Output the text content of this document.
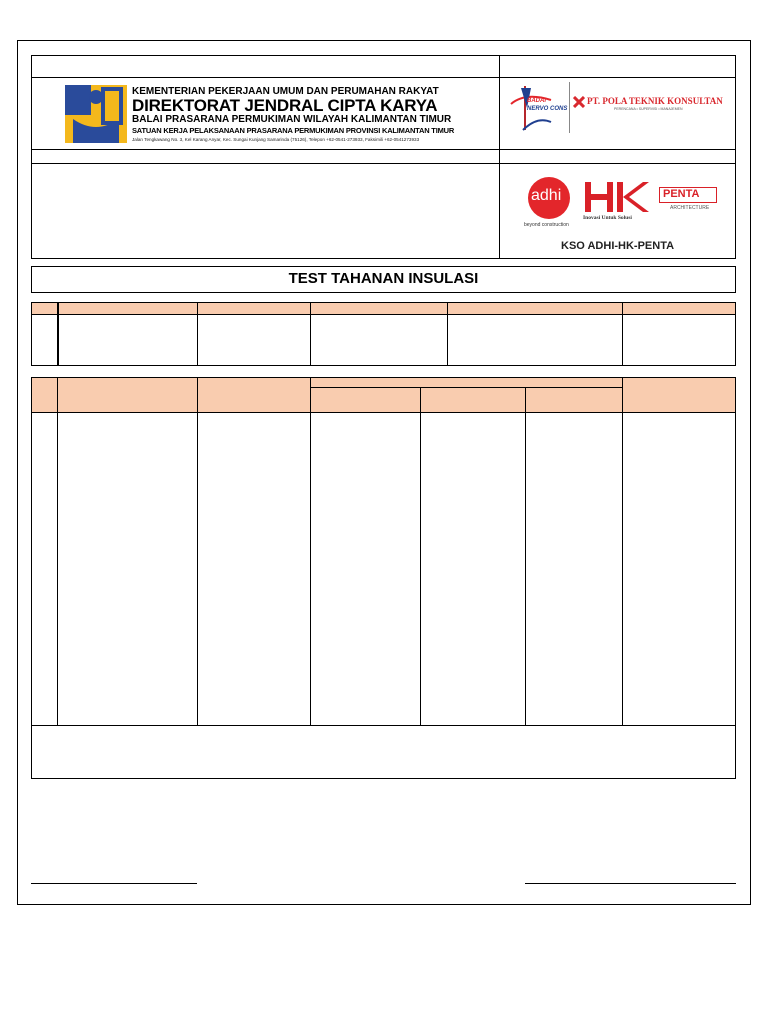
KEMENTERIAN PEKERJAAN UMUM DAN PERUMAHAN RAKYAT
DIREKTORAT JENDRAL CIPTA KARYA
BALAI PRASARANA PERMUKIMAN WILAYAH KALIMANTAN TIMUR
SATUAN KERJA PELAKSANAAN PRASARANA PERMUKIMAN PROVINSI KALIMANTAN TIMUR
Jalan Tengkawang No. 3, Kel Karang Anyar, Kec. Sungai Kunjang Samarinda (75126), Telepon +62-0541-273933, Faksimili +62-0541273933
BADAI
NERVO CONS
PT. POLA TEKNIK KONSULTAN
PERENCANA • SUPERVISI • MANAJEMEN
adhi
beyond construction
Inovasi Untuk Solusi
PENTA
ARCHITECTURE
KSO ADHI-HK-PENTA
TEST TAHANAN INSULASI
